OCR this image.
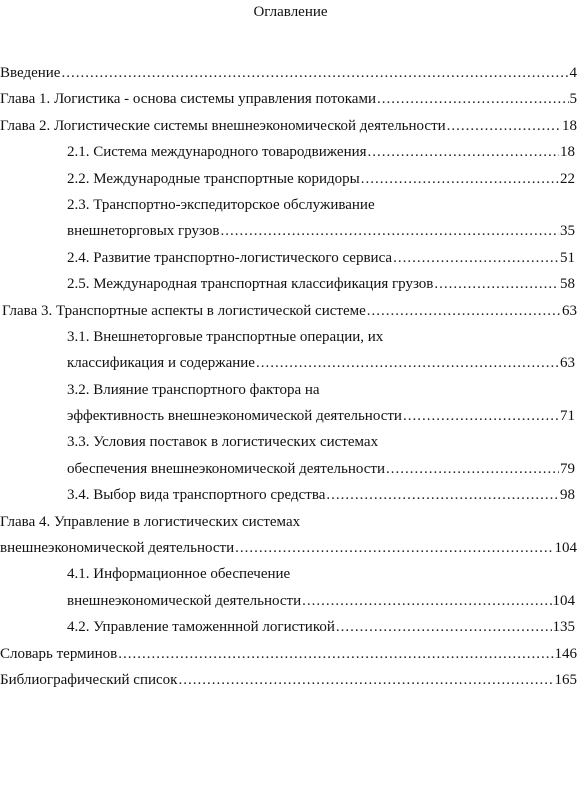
Оглавление
Введение .....	4
Глава 1. Логистика - основа системы управления потоками .....	5
Глава 2. Логистические системы внешнеэкономической деятельности .....	18
2.1. Система международного товародвижения .....	18
2.2. Международные транспортные коридоры .....	22
2.3. Транспортно-экспедиторское обслуживание
внешнеторговых грузов .....	35
2.4. Развитие транспортно-логистического сервиса .....	51
2.5. Международная транспортная классификация грузов .....	58
Глава 3. Транспортные аспекты в логистической системе .....	63
3.1. Внешнеторговые транспортные операции, их
классификация и содержание .....	63
3.2. Влияние транспортного фактора на
эффективность внешнеэкономической деятельности .....	71
3.3. Условия поставок в логистических системах
обеспечения внешнеэкономической деятельности .....	79
3.4. Выбор вида транспортного средства .....	98
Глава 4. Управление в логистических системах
внешнеэкономической деятельности .....	104
4.1. Информационное обеспечение
внешнеэкономической деятельности .....	104
4.2. Управление таможеннной логистикой .....	135
Словарь терминов .....	146
Библиографический список .....	165
